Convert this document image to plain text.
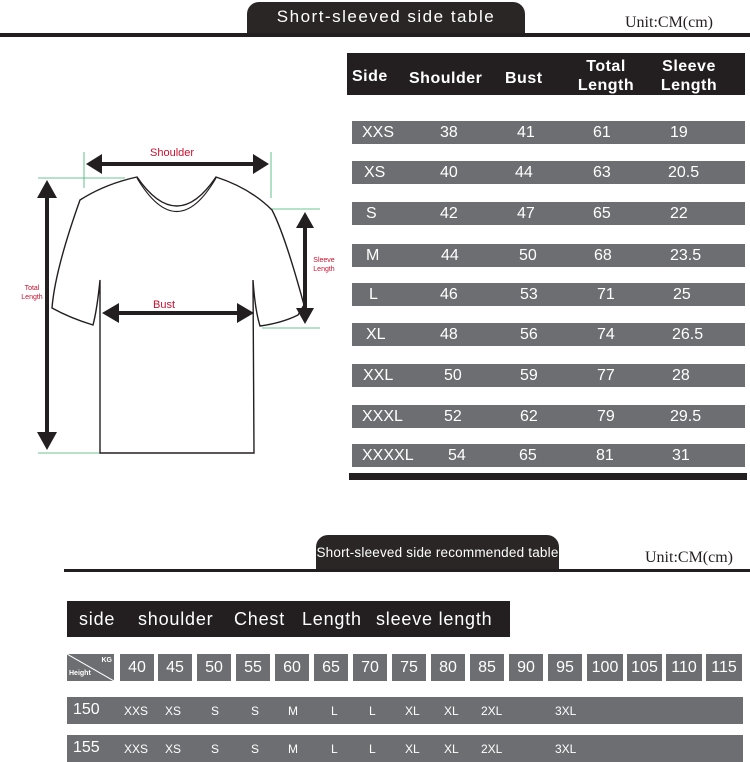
Short-sleeved side table	Unit:CM(cm)
Side Shoulder Bust
Total
Length
Sleeve
Length
XXS	38	41	61	19
XS	40	44	63	20.5
S	42	47	65	22
M	44	50	68	23.5
L	46	53	71	25
XL	48	56	74	26.5
XXL	50	59	77	28
XXXL	52	62	79	29.5
XXXXL 54	65	81	31
Shoulder
Bust
Total
Length
Sleeve
Length
Short-sleeved side recommended table	Unit:CM(cm)
side shoulder Chest Length sleeve length
KG
Height	40	45	50	55	60	65	70	75	80	85	90	95	100 105 110 115
150 XXS XS S	S M	L	L XL XL 2XL	3XL
155 XXS XS S	S M	L	L XL XL 2XL	3XL
